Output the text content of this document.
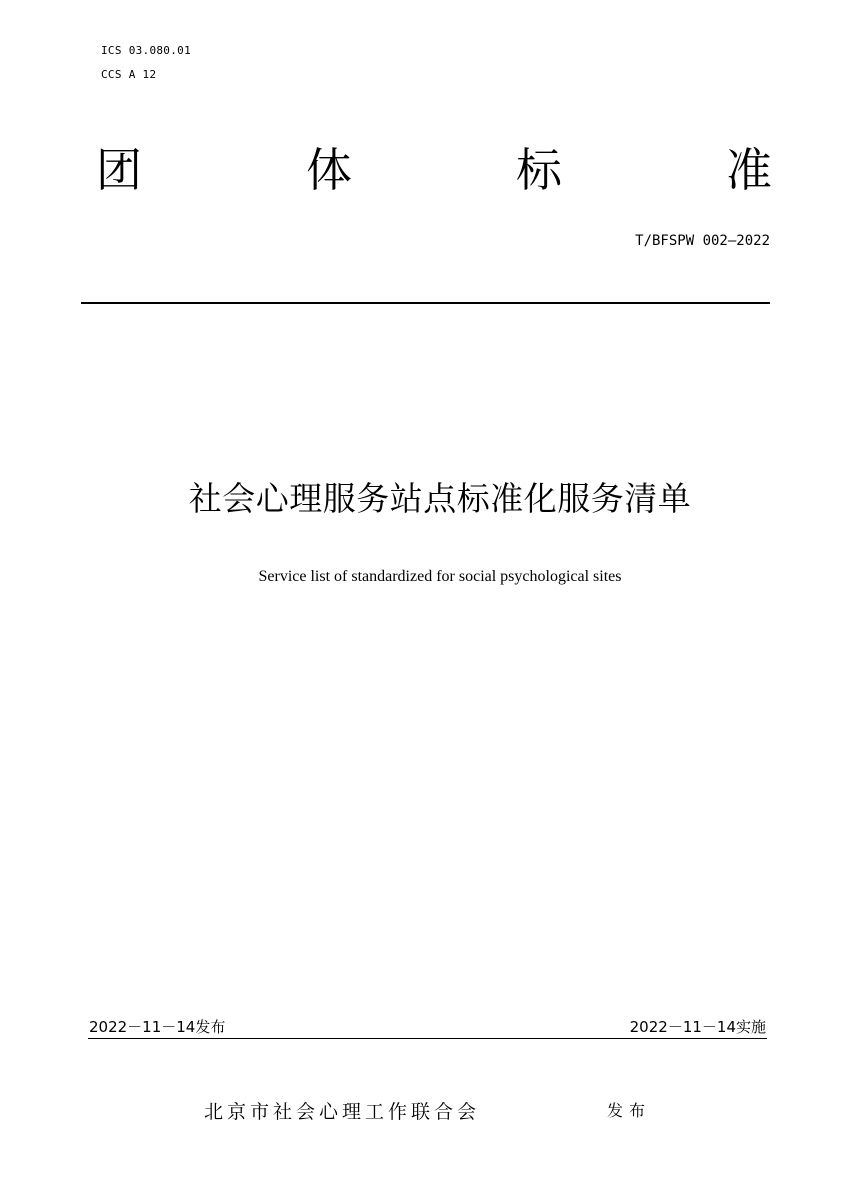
ICS 03.080.01
CCS A 12
团	体	标	准
T/BFSPW 002—2022
社会心理服务站点标准化服务清单
Service list of standardized for social psychological sites
2022－11－14发布	2022－11－14实施
北京市社会心理工作联合会	发布
